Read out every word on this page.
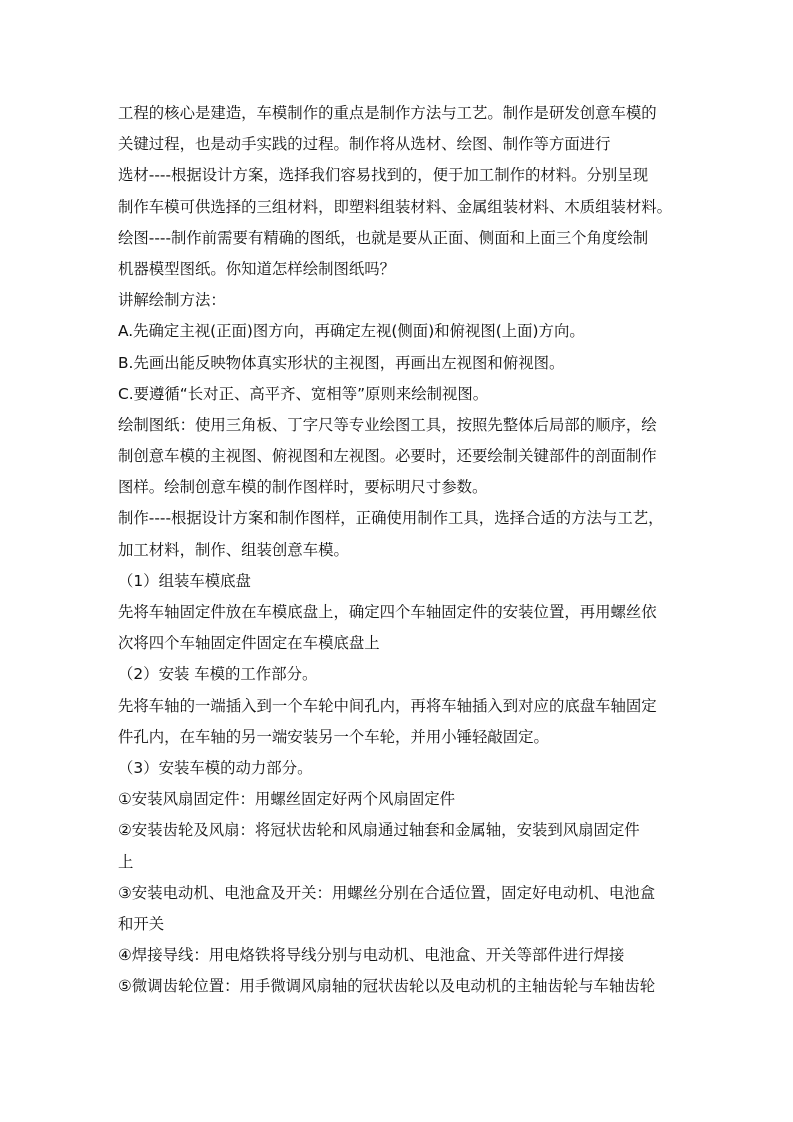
工程的核心是建造，车模制作的重点是制作方法与工艺。制作是研发创意车模的
关键过程，也是动手实践的过程。制作将从选材、绘图、制作等方面进行
选材----根据设计方案，选择我们容易找到的，便于加工制作的材料。分别呈现
制作车模可供选择的三组材料，即塑料组装材料、金属组装材料、木质组装材料。
绘图----制作前需要有精确的图纸，也就是要从正面、侧面和上面三个角度绘制
机器模型图纸。你知道怎样绘制图纸吗？
讲解绘制方法：
A.先确定主视(正面)图方向，再确定左视(侧面)和俯视图(上面)方向。
B.先画出能反映物体真实形状的主视图，再画出左视图和俯视图。
C.要遵循“长对正、高平齐、宽相等”原则来绘制视图。
绘制图纸：使用三角板、丁字尺等专业绘图工具，按照先整体后局部的顺序，绘
制创意车模的主视图、俯视图和左视图。必要时，还要绘制关键部件的剖面制作
图样。绘制创意车模的制作图样时，要标明尺寸参数。
制作----根据设计方案和制作图样，正确使用制作工具，选择合适的方法与工艺，
加工材料，制作、组装创意车模。
（1）组装车模底盘
先将车轴固定件放在车模底盘上，确定四个车轴固定件的安装位置，再用螺丝依
次将四个车轴固定件固定在车模底盘上
（2）安装 车模的工作部分。
先将车轴的一端插入到一个车轮中间孔内，再将车轴插入到对应的底盘车轴固定
件孔内，在车轴的另一端安装另一个车轮，并用小锤轻敲固定。
（3）安装车模的动力部分。
①安装风扇固定件：用螺丝固定好两个风扇固定件
②安装齿轮及风扇：将冠状齿轮和风扇通过轴套和金属轴，安装到风扇固定件
上
③安装电动机、电池盒及开关：用螺丝分别在合适位置，固定好电动机、电池盒
和开关
④焊接导线：用电烙铁将导线分别与电动机、电池盒、开关等部件进行焊接
⑤微调齿轮位置：用手微调风扇轴的冠状齿轮以及电动机的主轴齿轮与车轴齿轮
